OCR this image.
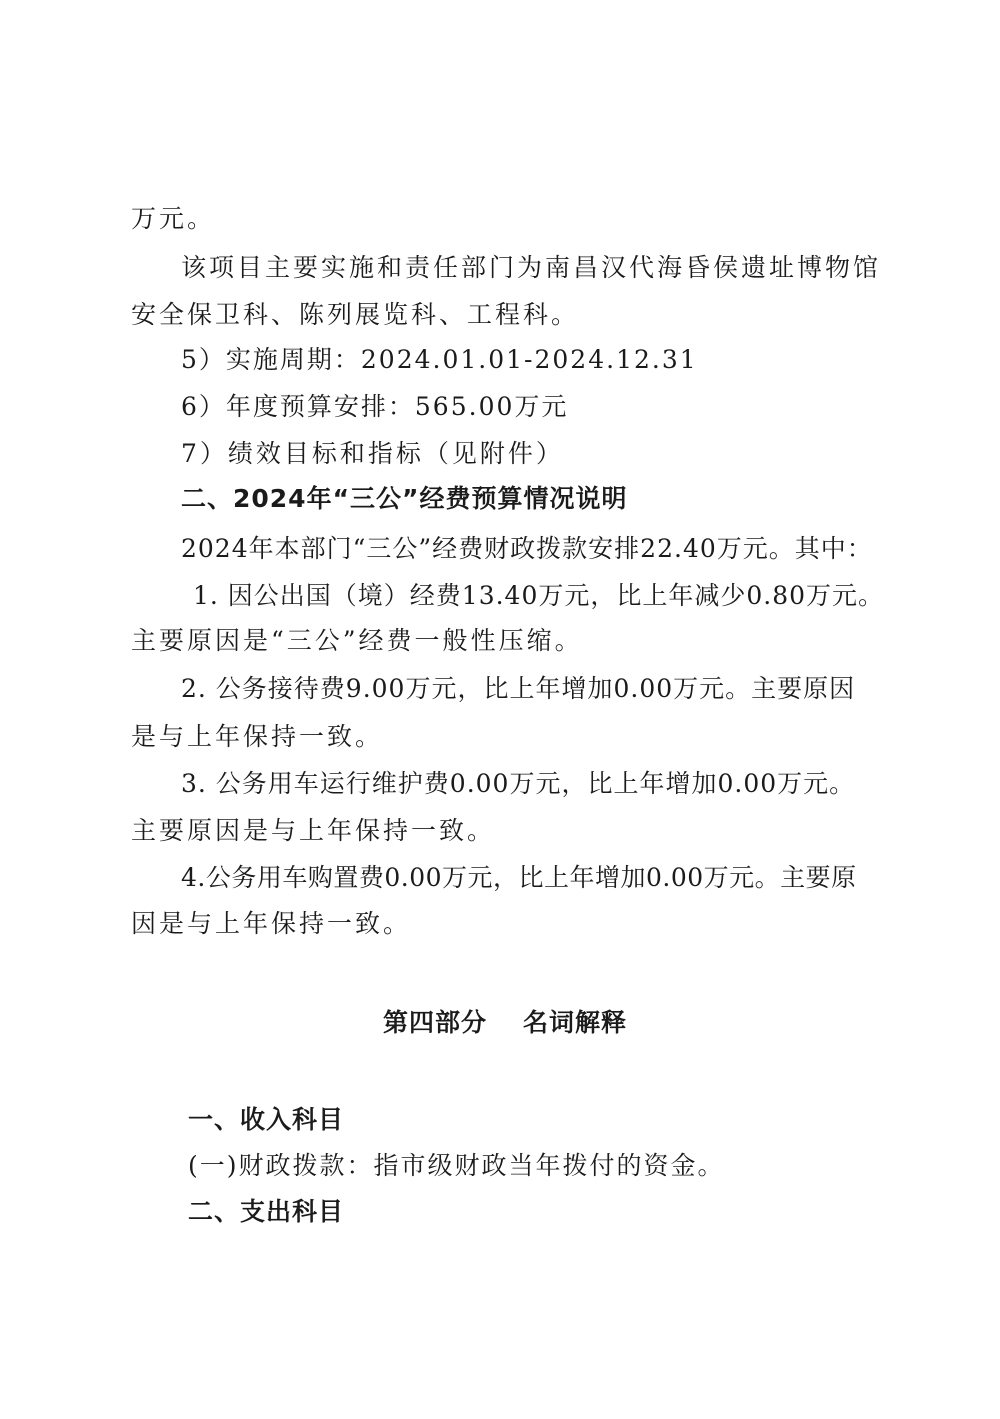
万元。
该项目主要实施和责任部门为南昌汉代海昏侯遗址博物馆
安全保卫科、陈列展览科、工程科。
5）实施周期：2024.01.01-2024.12.31
6）年度预算安排：565.00万元
7）绩效目标和指标（见附件）
二、2024年“三公”经费预算情况说明
2024年本部门“三公”经费财政拨款安排22.40万元。其中：
1. 因公出国（境）经费13.40万元，比上年减少0.80万元。
主要原因是“三公”经费一般性压缩。
2. 公务接待费9.00万元，比上年增加0.00万元。主要原因
是与上年保持一致。
3. 公务用车运行维护费0.00万元，比上年增加0.00万元。
主要原因是与上年保持一致。
4.公务用车购置费0.00万元，比上年增加0.00万元。主要原
因是与上年保持一致。
第四部分 名词解释
一、收入科目
(一)财政拨款：指市级财政当年拨付的资金。
二、支出科目
